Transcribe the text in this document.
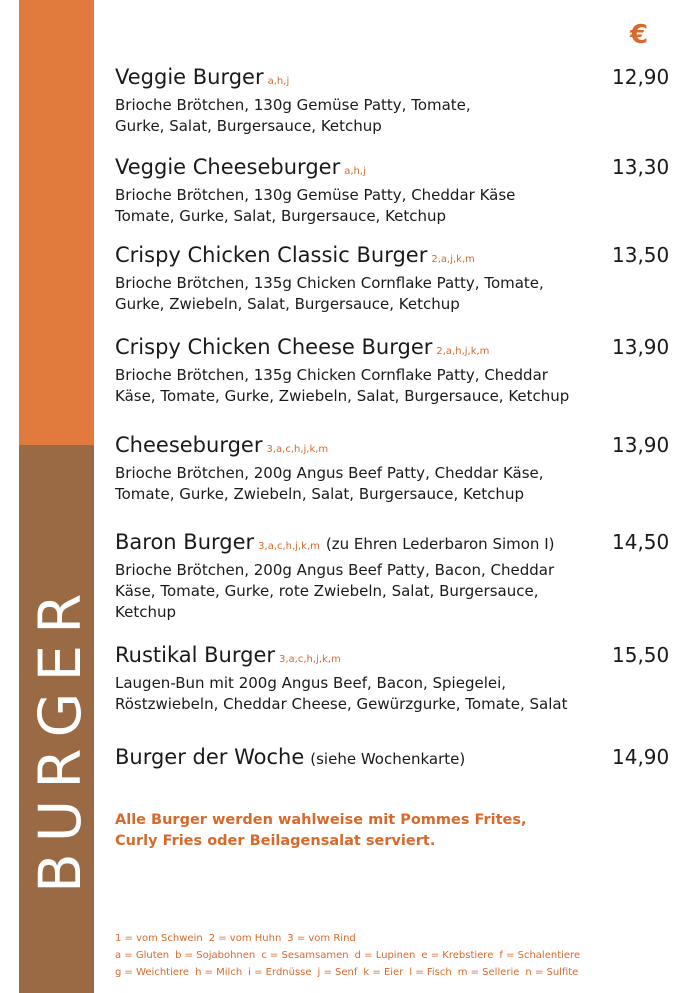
BURGER
€
Veggie Burger a,h,j
Brioche Brötchen, 130g Gemüse Patty, Tomate,
Gurke, Salat, Burgersauce, Ketchup
12,90
Veggie Cheeseburger a,h,j
Brioche Brötchen, 130g Gemüse Patty, Cheddar Käse
Tomate, Gurke, Salat, Burgersauce, Ketchup
13,30
Crispy Chicken Classic Burger 2,a,j,k,m
Brioche Brötchen, 135g Chicken Cornflake Patty, Tomate,
Gurke, Zwiebeln, Salat, Burgersauce, Ketchup
13,50
Crispy Chicken Cheese Burger 2,a,h,j,k,m
Brioche Brötchen, 135g Chicken Cornflake Patty, Cheddar
Käse, Tomate, Gurke, Zwiebeln, Salat, Burgersauce, Ketchup
13,90
Cheeseburger 3,a,c,h,j,k,m
Brioche Brötchen, 200g Angus Beef Patty, Cheddar Käse,
Tomate, Gurke, Zwiebeln, Salat, Burgersauce, Ketchup
13,90
Baron Burger 3,a,c,h,j,k,m (zu Ehren Lederbaron Simon I)
Brioche Brötchen, 200g Angus Beef Patty, Bacon, Cheddar
Käse, Tomate, Gurke, rote Zwiebeln, Salat, Burgersauce,
Ketchup
14,50
Rustikal Burger 3,a,c,h,j,k,m
Laugen-Bun mit 200g Angus Beef, Bacon, Spiegelei,
Röstzwiebeln, Cheddar Cheese, Gewürzgurke, Tomate, Salat
15,50
Burger der Woche (siehe Wochenkarte)	14,90
Alle Burger werden wahlweise mit Pommes Frites,
Curly Fries oder Beilagensalat serviert.
1 = vom Schwein 2 = vom Huhn 3 = vom Rind
a = Gluten b = Sojabohnen c = Sesamsamen d = Lupinen e = Krebstiere f = Schalentiere
g = Weichtiere h = Milch i = Erdnüsse j = Senf k = Eier l = Fisch m = Sellerie n = Sulfite
